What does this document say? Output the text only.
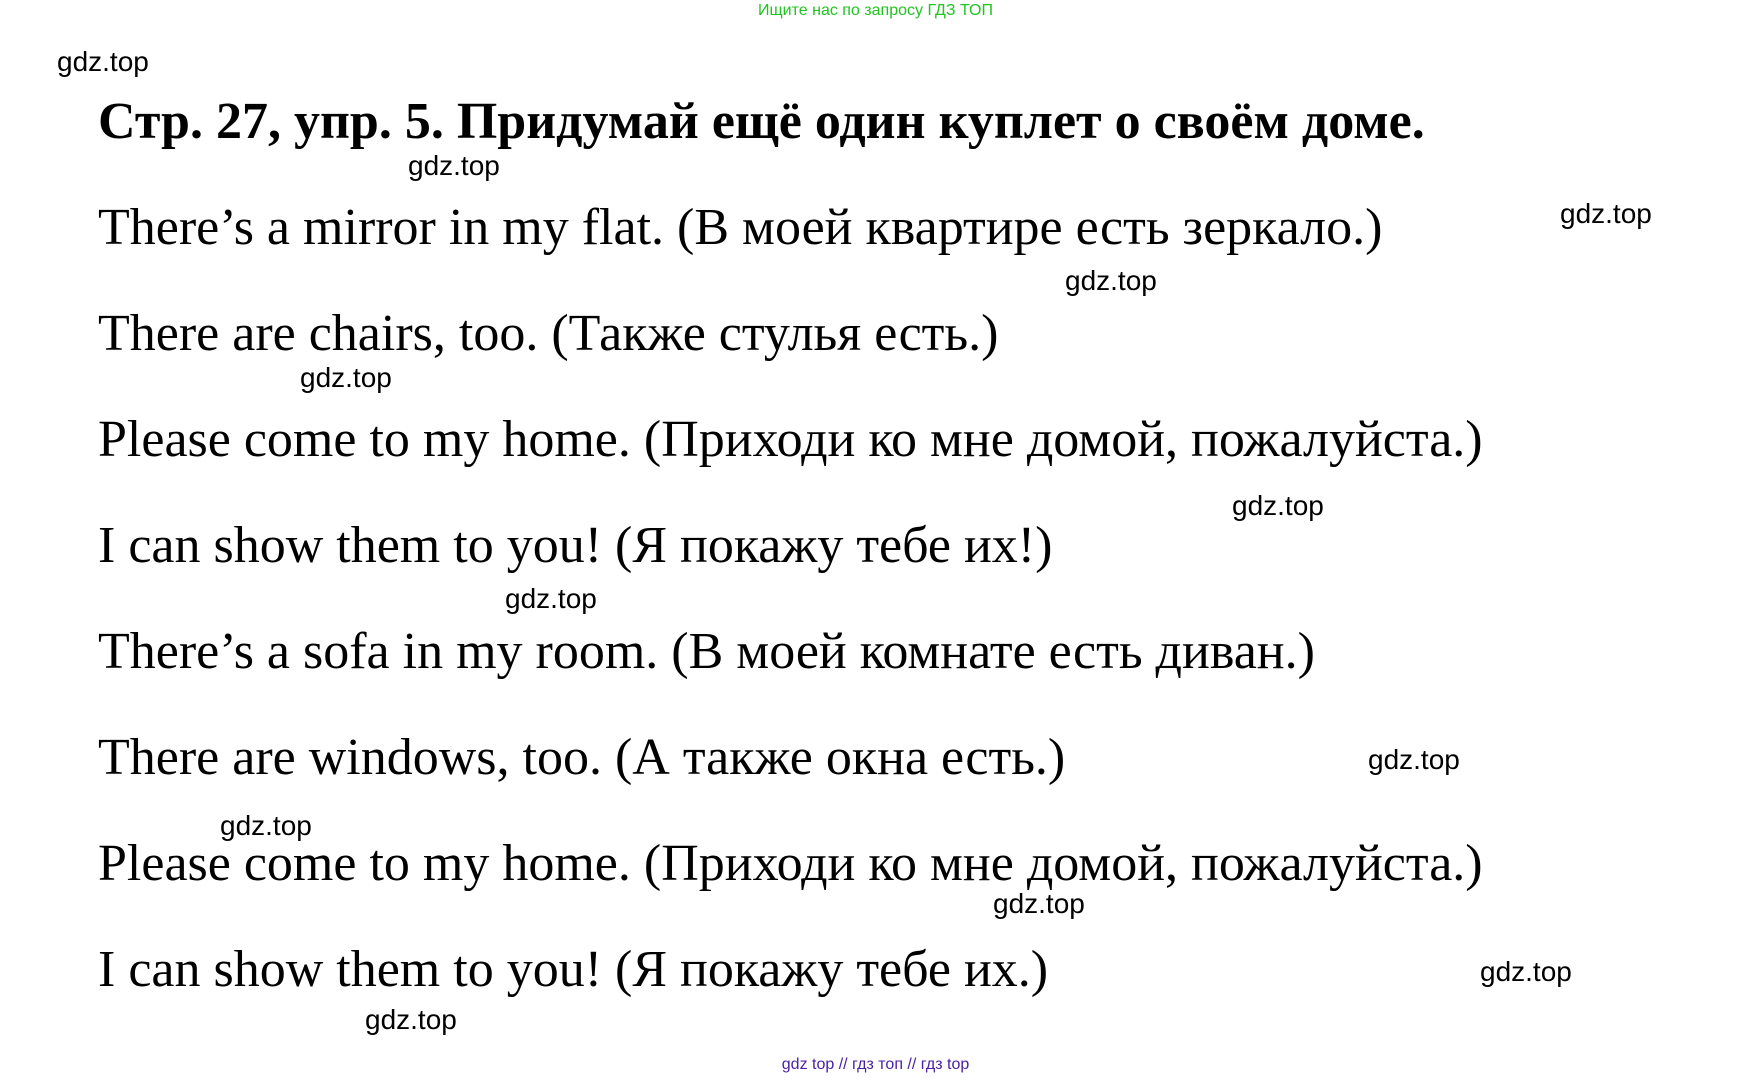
Ищите нас по запросу ГДЗ ТОП
gdz.top
Стр. 27, упр. 5. Придумай ещё один куплет о своём доме.
gdz.top
There’s a mirror in my flat. (В моей квартире есть зеркало.)	gdz.top
gdz.top
There are chairs, too. (Также стулья есть.)
gdz.top
Please come to my home. (Приходи ко мне домой, пожалуйста.)
gdz.top
I can show them to you! (Я покажу тебе их!)
gdz.top
There’s a sofa in my room. (В моей комнате есть диван.)
There are windows, too. (А также окна есть.)	gdz.top
gdz.top
Please come to my home. (Приходи ко мне домой, пожалуйста.)
gdz.top
I can show them to you! (Я покажу тебе их.)	gdz.top
gdz.top
gdz top // гдз топ // гдз top
